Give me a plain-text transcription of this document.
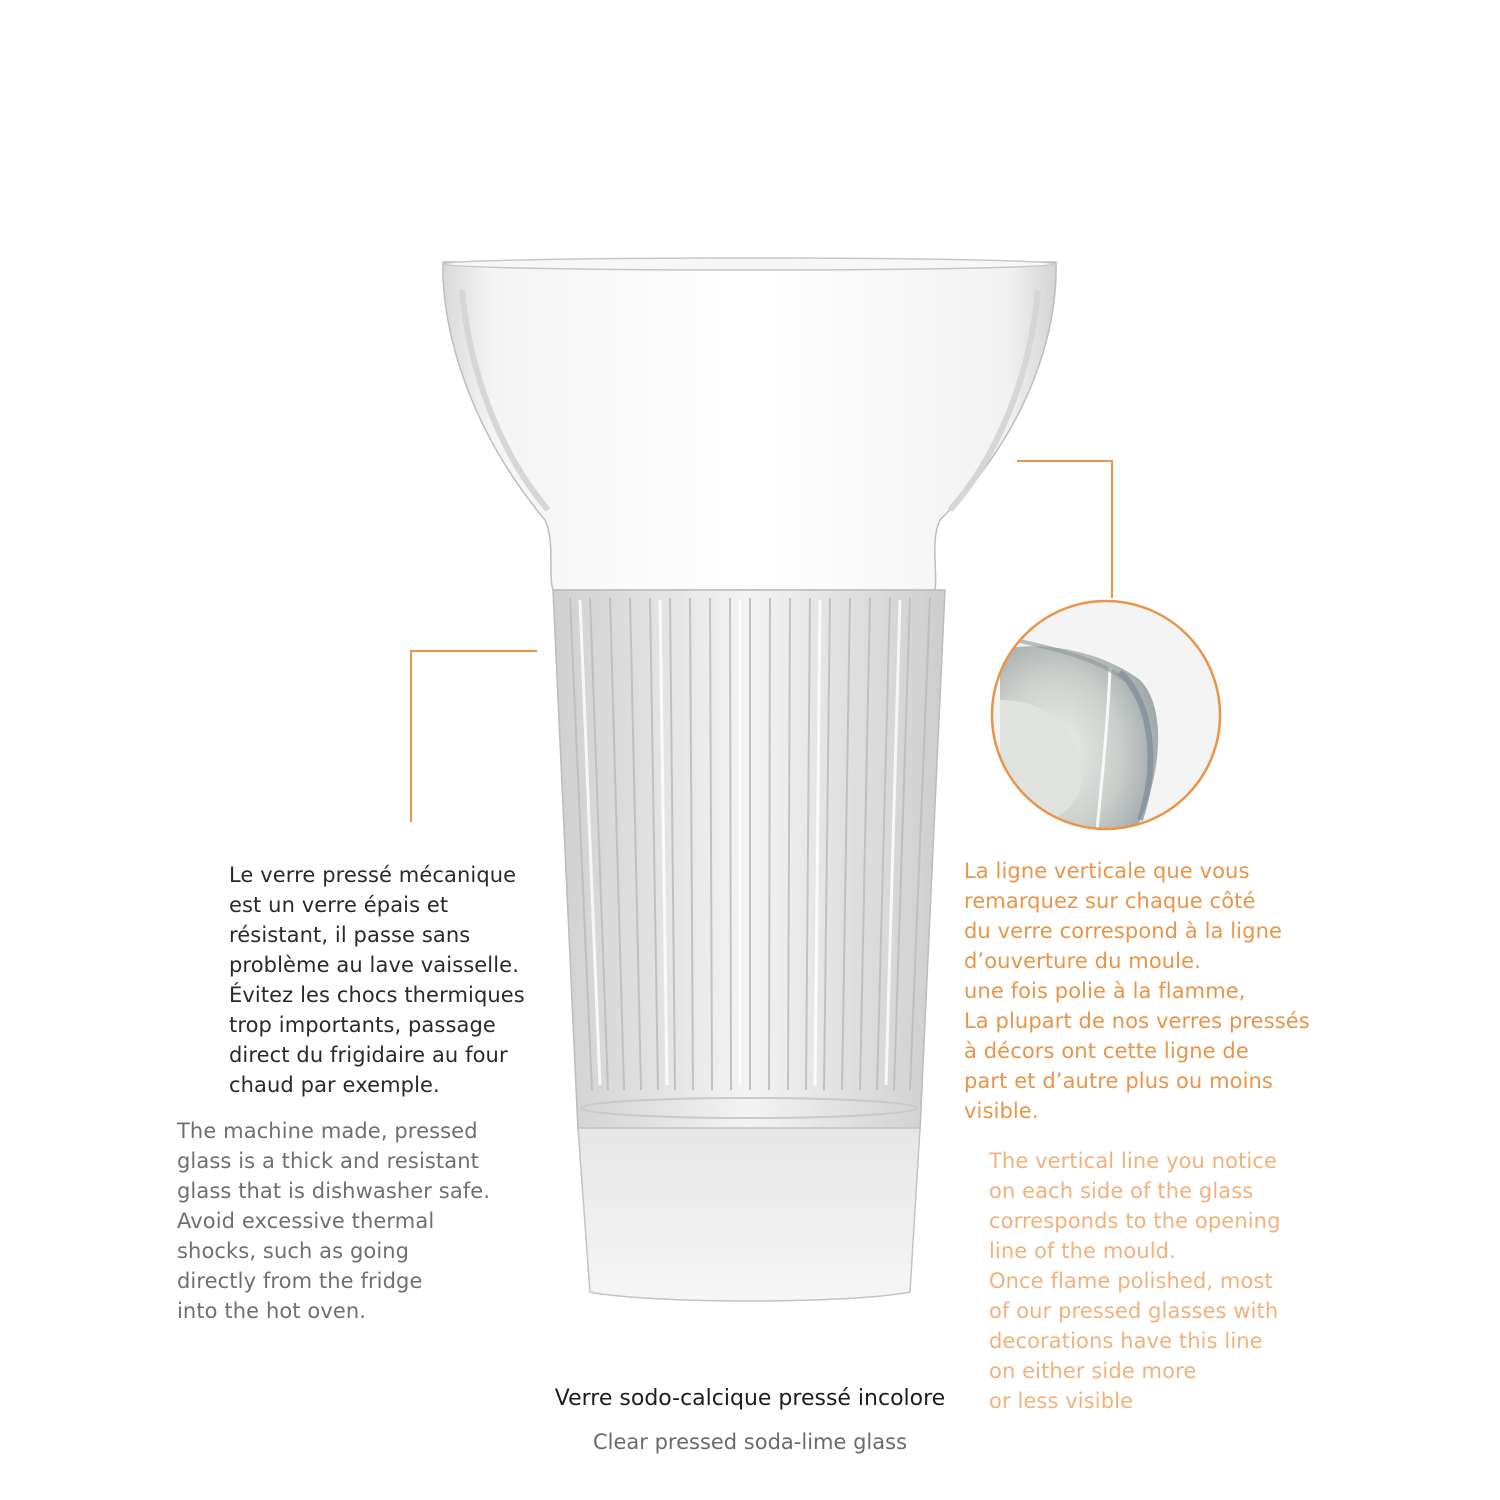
Le verre pressé mécanique
est un verre épais et
résistant, il passe sans
problème au lave vaisselle.
Évitez les chocs thermiques
trop importants, passage
direct du frigidaire au four
chaud par exemple.
The machine made, pressed
glass is a thick and resistant
glass that is dishwasher safe.
Avoid excessive thermal
shocks, such as going
directly from the fridge
into the hot oven.
La ligne verticale que vous
remarquez sur chaque côté
du verre correspond à la ligne
d’ouverture du moule.
une fois polie à la flamme,
La plupart de nos verres pressés
à décors ont cette ligne de
part et d’autre plus ou moins
visible.
The vertical line you notice
on each side of the glass
corresponds to the opening
line of the mould.
Once flame polished, most
of our pressed glasses with
decorations have this line
on either side more
or less visible
Verre sodo-calcique pressé incolore
Clear pressed soda-lime glass
